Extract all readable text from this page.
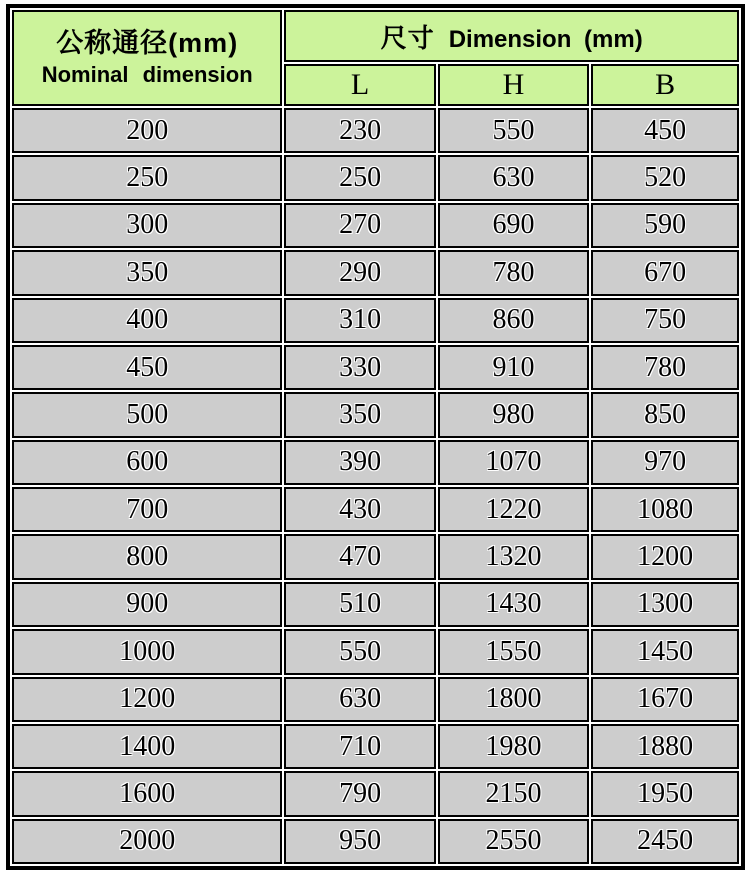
公称通径(mm)
Nominal dimension	尺寸 Dimension (mm)		
	L	H	B
200	230	550	450
250	250	630	520
300	270	690	590
350	290	780	670
400	310	860	750
450	330	910	780
500	350	980	850
600	390	1070	970
700	430	1220	1080
800	470	1320	1200
900	510	1430	1300
1000	550	1550	1450
1200	630	1800	1670
1400	710	1980	1880
1600	790	2150	1950
2000	950	2550	2450
